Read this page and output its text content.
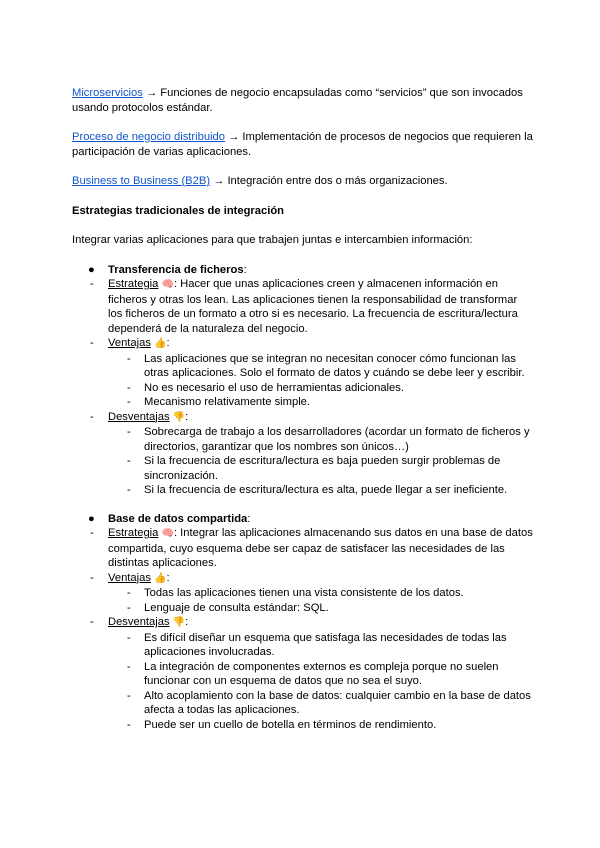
Microservicios → Funciones de negocio encapsuladas como “servicios” que son invocados usando protocolos estándar.

Proceso de negocio distribuido → Implementación de procesos de negocios que requieren la participación de varias aplicaciones.

Business to Business (B2B) → Integración entre dos o más organizaciones.

Estrategias tradicionales de integración

Integrar varias aplicaciones para que trabajen juntas e intercambien información:

● Transferencia de ficheros:
- Estrategia 🧠: Hacer que unas aplicaciones creen y almacenen información en ficheros y otras los lean. Las aplicaciones tienen la responsabilidad de transformar los ficheros de un formato a otro si es necesario. La frecuencia de escritura/lectura dependerá de la naturaleza del negocio.
- Ventajas 👍:
- Las aplicaciones que se integran no necesitan conocer cómo funcionan las otras aplicaciones. Solo el formato de datos y cuándo se debe leer y escribir.
- No es necesario el uso de herramientas adicionales.
- Mecanismo relativamente simple.
- Desventajas 👎:
- Sobrecarga de trabajo a los desarrolladores (acordar un formato de ficheros y directorios, garantizar que los nombres son únicos…)
- Si la frecuencia de escritura/lectura es baja pueden surgir problemas de sincronización.
- Si la frecuencia de escritura/lectura es alta, puede llegar a ser ineficiente.
● Base de datos compartida:
- Estrategia 🧠: Integrar las aplicaciones almacenando sus datos en una base de datos compartida, cuyo esquema debe ser capaz de satisfacer las necesidades de las distintas aplicaciones.
- Ventajas 👍:
- Todas las aplicaciones tienen una vista consistente de los datos.
- Lenguaje de consulta estándar: SQL.
- Desventajas 👎:
- Es difícil diseñar un esquema que satisfaga las necesidades de todas las aplicaciones involucradas.
- La integración de componentes externos es compleja porque no suelen funcionar con un esquema de datos que no sea el suyo.
- Alto acoplamiento con la base de datos: cualquier cambio en la base de datos afecta a todas las aplicaciones.
- Puede ser un cuello de botella en términos de rendimiento.
